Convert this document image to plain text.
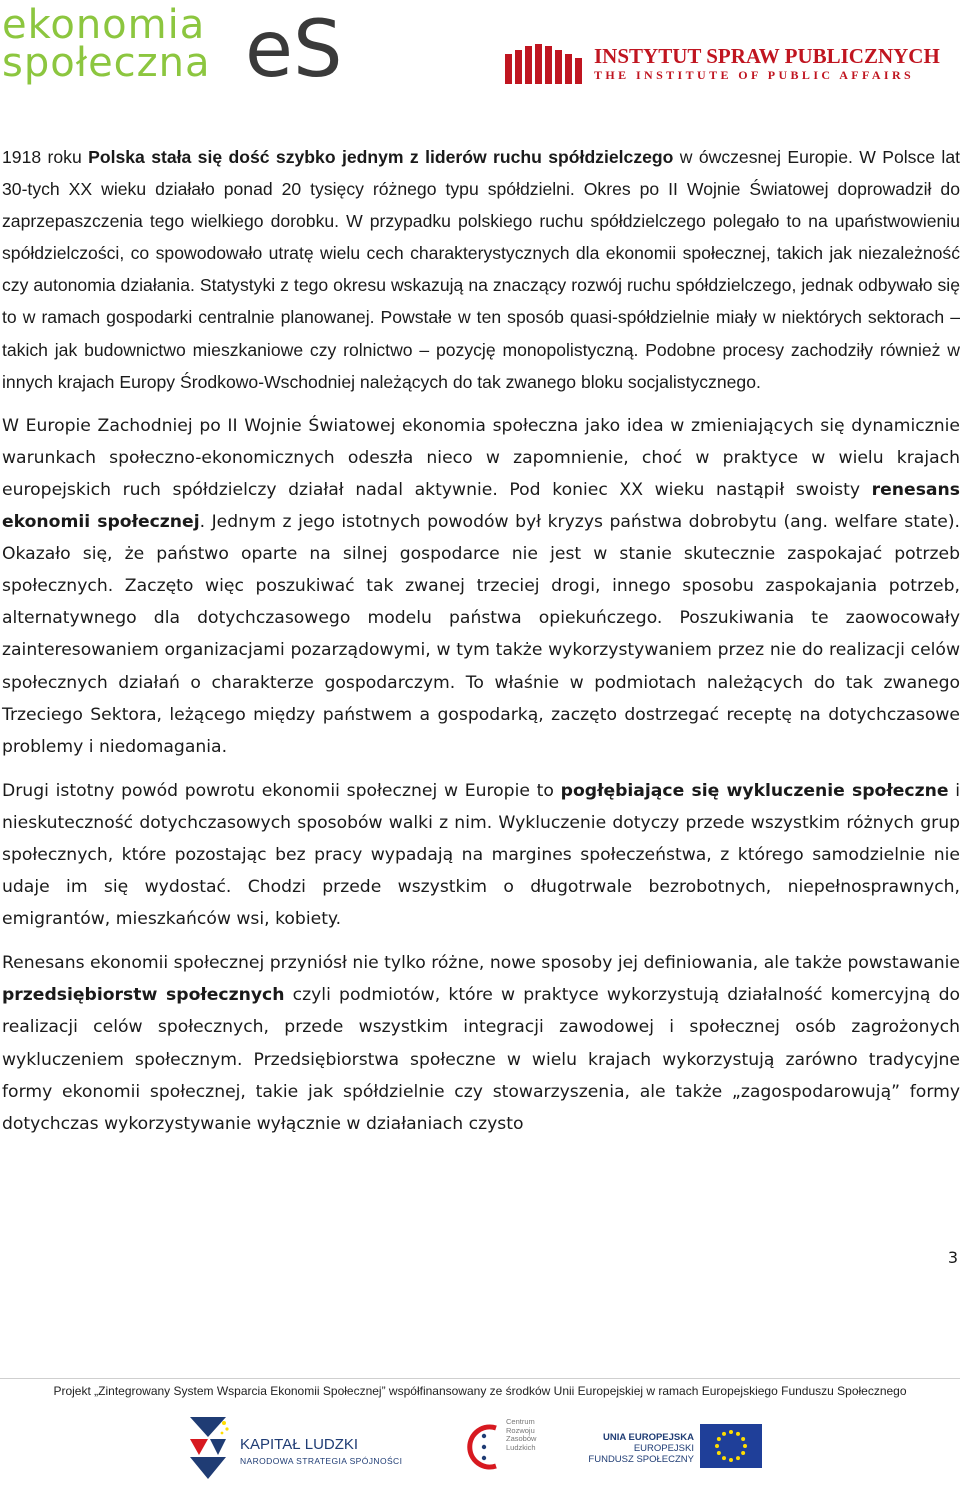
ekonomia
społeczna eS	INSTYTUT SPRAW PUBLICZNYCH
THE INSTITUTE OF PUBLIC AFFAIRS

1918 roku Polska stała się dość szybko jednym z liderów ruchu spółdzielczego w ówczesnej Europie. W Polsce lat 30-tych XX wieku działało ponad 20 tysięcy różnego typu spółdzielni. Okres po II Wojnie Światowej doprowadził do zaprzepaszczenia tego wielkiego dorobku. W przypadku polskiego ruchu spółdzielczego polegało to na upaństwowieniu spółdzielczości, co spowodowało utratę wielu cech charakterystycznych dla ekonomii społecznej, takich jak niezależność czy autonomia działania. Statystyki z tego okresu wskazują na znaczący rozwój ruchu spółdzielczego, jednak odbywało się to w ramach gospodarki centralnie planowanej. Powstałe w ten sposób quasi-spółdzielnie miały w niektórych sektorach – takich jak budownictwo mieszkaniowe czy rolnictwo – pozycję monopolistyczną. Podobne procesy zachodziły również w innych krajach Europy Środkowo-Wschodniej należących do tak zwanego bloku socjalistycznego.

W Europie Zachodniej po II Wojnie Światowej ekonomia społeczna jako idea w zmieniających się dynamicznie warunkach społeczno-ekonomicznych odeszła nieco w zapomnienie, choć w praktyce w wielu krajach europejskich ruch spółdzielczy działał nadal aktywnie. Pod koniec XX wieku nastąpił swoisty renesans ekonomii społecznej. Jednym z jego istotnych powodów był kryzys państwa dobrobytu (ang. welfare state). Okazało się, że państwo oparte na silnej gospodarce nie jest w stanie skutecznie zaspokajać potrzeb społecznych. Zaczęto więc poszukiwać tak zwanej trzeciej drogi, innego sposobu zaspokajania potrzeb, alternatywnego dla dotychczasowego modelu państwa opiekuńczego. Poszukiwania te zaowocowały zainteresowaniem organizacjami pozarządowymi, w tym także wykorzystywaniem przez nie do realizacji celów społecznych działań o charakterze gospodarczym. To właśnie w podmiotach należących do tak zwanego Trzeciego Sektora, leżącego między państwem a gospodarką, zaczęto dostrzegać receptę na dotychczasowe problemy i niedomagania.

Drugi istotny powód powrotu ekonomii społecznej w Europie to pogłębiające się wykluczenie społeczne i nieskuteczność dotychczasowych sposobów walki z nim. Wykluczenie dotyczy przede wszystkim różnych grup społecznych, które pozostając bez pracy wypadają na margines społeczeństwa, z którego samodzielnie nie udaje im się wydostać. Chodzi przede wszystkim o długotrwale bezrobotnych, niepełnosprawnych, emigrantów, mieszkańców wsi, kobiety.

Renesans ekonomii społecznej przyniósł nie tylko różne, nowe sposoby jej definiowania, ale także powstawanie przedsiębiorstw społecznych czyli podmiotów, które w praktyce wykorzystują działalność komercyjną do realizacji celów społecznych, przede wszystkim integracji zawodowej i społecznej osób zagrożonych wykluczeniem społecznym. Przedsiębiorstwa społeczne w wielu krajach wykorzystują zarówno tradycyjne formy ekonomii społecznej, takie jak spółdzielnie czy stowarzyszenia, ale także „zagospodarowują” formy dotychczas wykorzystywanie wyłącznie w działaniach czysto

3
Projekt „Zintegrowany System Wsparcia Ekonomii Społecznej” współfinansowany ze środków Unii Europejskiej w ramach Europejskiego Funduszu Społecznego
KAPITAŁ LUDZKI
NARODOWA STRATEGIA SPÓJNOŚCI
Centrum
Rozwoju
Zasobów
Ludzkich
UNIA EUROPEJSKA
EUROPEJSKI
FUNDUSZ SPOŁECZNY
